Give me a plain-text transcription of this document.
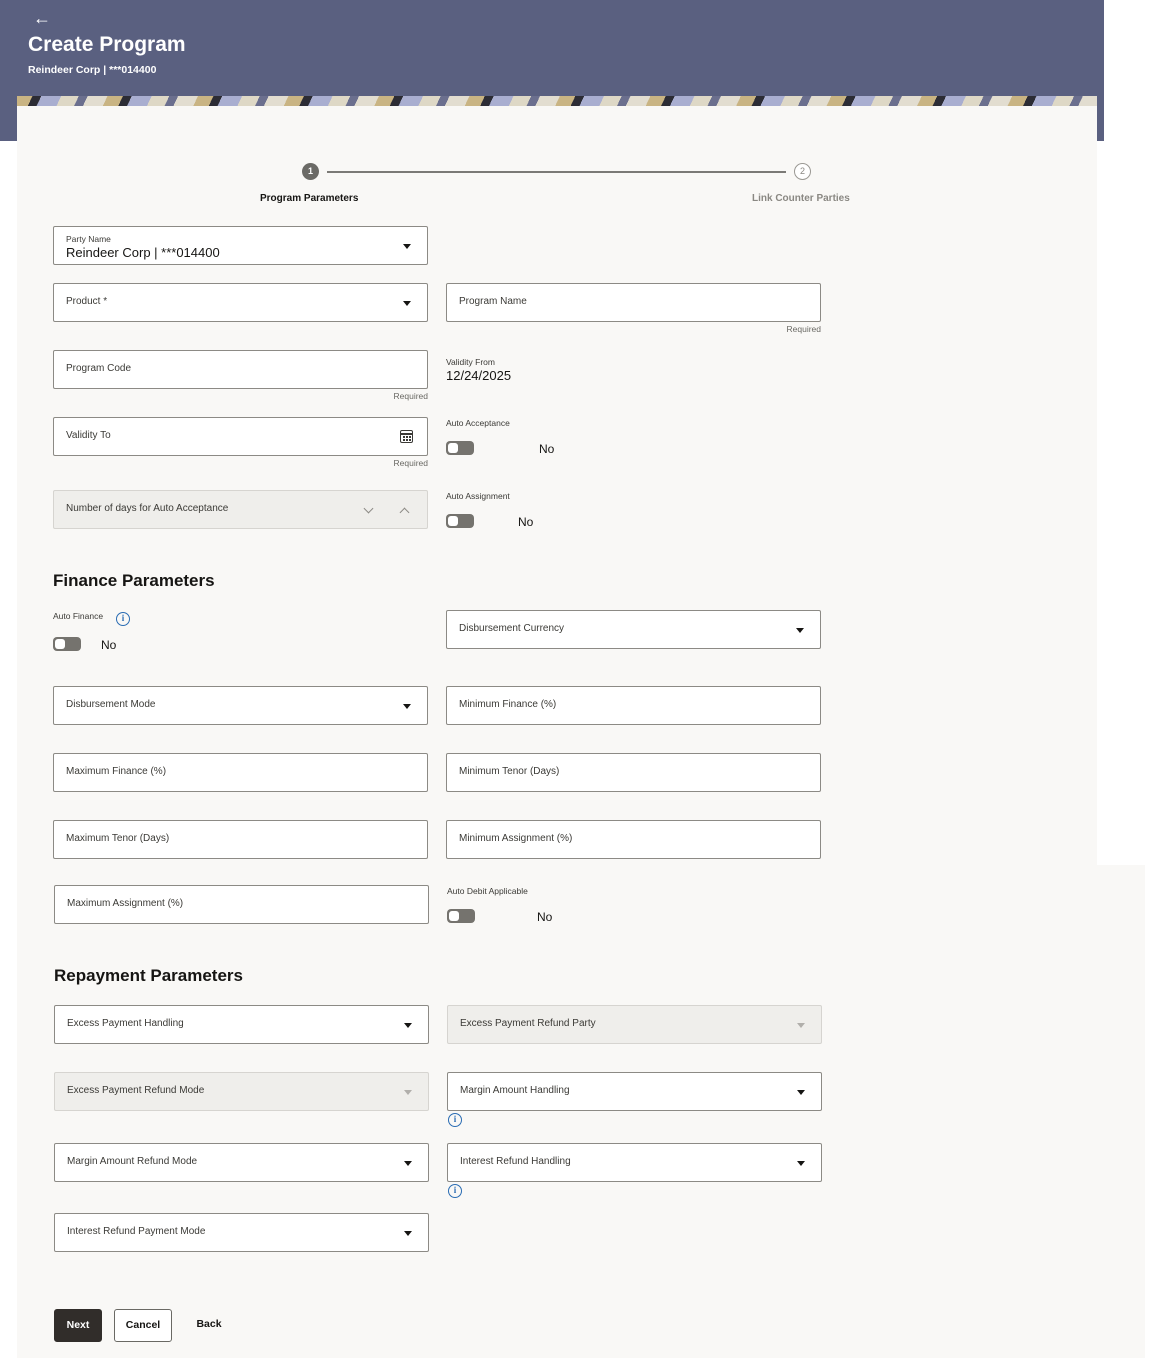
←
Create Program
Reindeer Corp | ***014400
1	2
Program Parameters	Link Counter Parties
Party Name
Reindeer Corp | ***014400
Product *	Program Name
Required
Program Code
Required
Validity From
12/24/2025
Validity To
Required
Auto Acceptance
No
Number of days for Auto Acceptance
Auto Assignment
No
Finance Parameters
Auto Finance	i
No
Disbursement Currency
Disbursement Mode	Minimum Finance (%)
Maximum Finance (%)	Minimum Tenor (Days)
Maximum Tenor (Days)	Minimum Assignment (%)
Maximum Assignment (%)
Auto Debit Applicable
No
Repayment Parameters
Excess Payment Handling	Excess Payment Refund Party
Excess Payment Refund Mode	Margin Amount Handling
i
Margin Amount Refund Mode	Interest Refund Handling
i
Interest Refund Payment Mode
Next	Cancel	Back
